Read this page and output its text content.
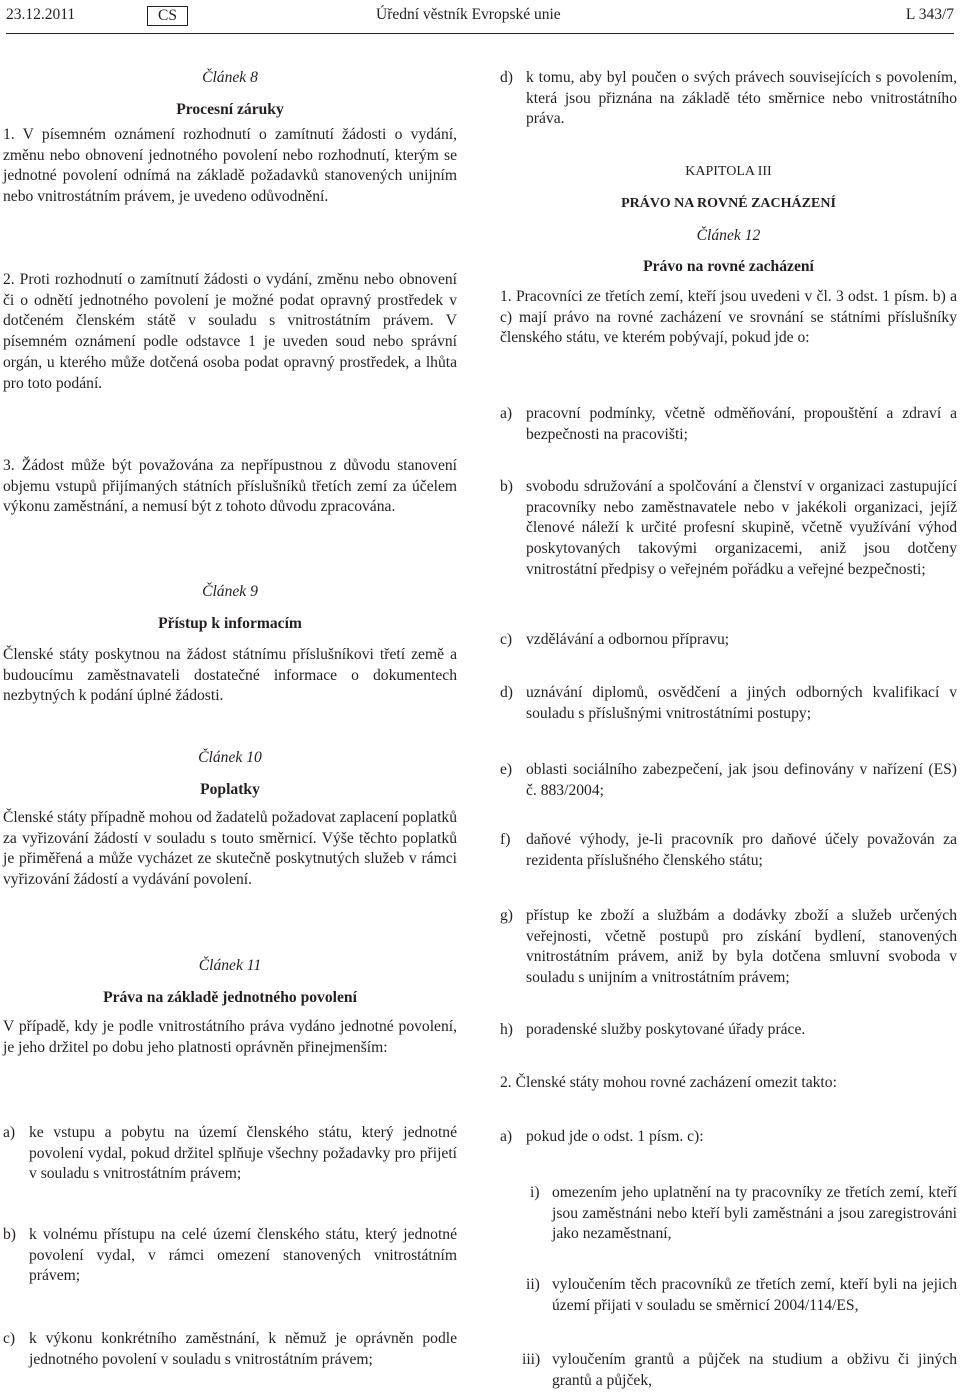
23.12.2011	CS	Úřední věstník Evropské unie	L 343/7
Článek 8
Procesní záruky
1. V písemném oznámení rozhodnutí o zamítnutí žádosti o vydání, změnu nebo obnovení jednotného povolení nebo rozhodnutí, kterým se jednotné povolení odnímá na základě požadavků stanovených unijním nebo vnitrostátním právem, je uvedeno odůvodnění.
2. Proti rozhodnutí o zamítnutí žádosti o vydání, změnu nebo obnovení či o odnětí jednotného povolení je možné podat opravný prostředek v dotčeném členském státě v souladu s vnitrostátním právem. V písemném oznámení podle odstavce 1 je uveden soud nebo správní orgán, u kterého může dotčená osoba podat opravný prostředek, a lhůta pro toto podání.
3. Žádost může být považována za nepřípustnou z důvodu stanovení objemu vstupů přijímaných státních příslušníků třetích zemí za účelem výkonu zaměstnání, a nemusí být z tohoto důvodu zpracována.
Článek 9
Přístup k informacím
Členské státy poskytnou na žádost státnímu příslušníkovi třetí země a budoucímu zaměstnavateli dostatečné informace o dokumentech nezbytných k podání úplné žádosti.
Článek 10
Poplatky
Členské státy případně mohou od žadatelů požadovat zaplacení poplatků za vyřizování žádostí v souladu s touto směrnicí. Výše těchto poplatků je přiměřená a může vycházet ze skutečně poskytnutých služeb v rámci vyřizování žádostí a vydávání povolení.
Článek 11
Práva na základě jednotného povolení
V případě, kdy je podle vnitrostátního práva vydáno jednotné povolení, je jeho držitel po dobu jeho platnosti oprávněn přinejmenším:
a) ke vstupu a pobytu na území členského státu, který jednotné povolení vydal, pokud držitel splňuje všechny požadavky pro přijetí v souladu s vnitrostátním právem;
b) k volnému přístupu na celé území členského státu, který jednotné povolení vydal, v rámci omezení stanovených vnitrostátním právem;
c) k výkonu konkrétního zaměstnání, k němuž je oprávněn podle jednotného povolení v souladu s vnitrostátním právem;
d) k tomu, aby byl poučen o svých právech souvisejících s povolením, která jsou přiznána na základě této směrnice nebo vnitrostátního práva.
KAPITOLA III
PRÁVO NA ROVNÉ ZACHÁZENÍ
Článek 12
Právo na rovné zacházení
1. Pracovníci ze třetích zemí, kteří jsou uvedeni v čl. 3 odst. 1 písm. b) a c) mají právo na rovné zacházení ve srovnání se státními příslušníky členského státu, ve kterém pobývají, pokud jde o:
a) pracovní podmínky, včetně odměňování, propouštění a zdraví a bezpečnosti na pracovišti;
b) svobodu sdružování a spolčování a členství v organizaci zastupující pracovníky nebo zaměstnavatele nebo v jakékoli organizaci, jejíž členové náleží k určité profesní skupině, včetně využívání výhod poskytovaných takovými organizacemi, aniž jsou dotčeny vnitrostátní předpisy o veřejném pořádku a veřejné bezpečnosti;
c) vzdělávání a odbornou přípravu;
d) uznávání diplomů, osvědčení a jiných odborných kvalifikací v souladu s příslušnými vnitrostátními postupy;
e) oblasti sociálního zabezpečení, jak jsou definovány v nařízení (ES) č. 883/2004;
f) daňové výhody, je-li pracovník pro daňové účely považován za rezidenta příslušného členského státu;
g) přístup ke zboží a službám a dodávky zboží a služeb určených veřejnosti, včetně postupů pro získání bydlení, stanovených vnitrostátním právem, aniž by byla dotčena smluvní svoboda v souladu s unijním a vnitrostátním právem;
h) poradenské služby poskytované úřady práce.
2. Členské státy mohou rovné zacházení omezit takto:
a) pokud jde o odst. 1 písm. c):
i) omezením jeho uplatnění na ty pracovníky ze třetích zemí, kteří jsou zaměstnáni nebo kteří byli zaměstnáni a jsou zaregistrováni jako nezaměstnaní,
ii) vyloučením těch pracovníků ze třetích zemí, kteří byli na jejich území přijati v souladu se směrnicí 2004/114/ES,
iii) vyloučením grantů a půjček na studium a obživu či jiných grantů a půjček,
